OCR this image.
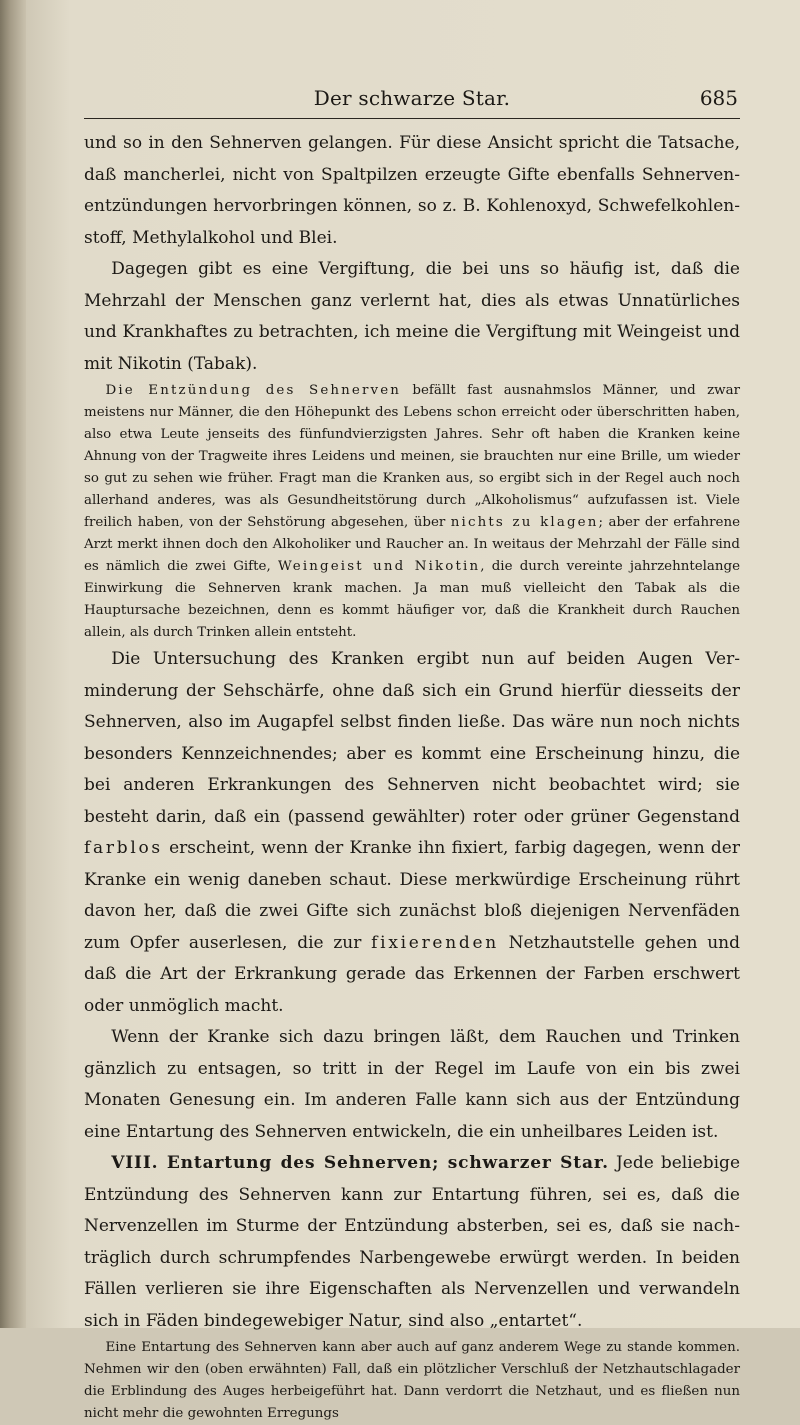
Der schwarze Star.	685

und so in den Sehnerven gelangen. Für diese Ansicht spricht die Tatsache, daß mancherlei, nicht von Spaltpilzen erzeugte Gifte ebenfalls Sehnervenentzündungen hervorbringen können, so z. B. Kohlenoxyd, Schwefelkohlenstoff, Methylalkohol und Blei.

Dagegen gibt es eine Vergiftung, die bei uns so häufig ist, daß die Mehrzahl der Menschen ganz verlernt hat, dies als etwas Unnatürliches und Krankhaftes zu betrachten, ich meine die Vergiftung mit Weingeist und mit Nikotin (Tabak).

Die Entzündung des Sehnerven befällt fast ausnahmslos Männer, und zwar meistens nur Männer, die den Höhepunkt des Lebens schon erreicht oder überschritten haben, also etwa Leute jenseits des fünfundvierzigsten Jahres. Sehr oft haben die Kranken keine Ahnung von der Tragweite ihres Leidens und meinen, sie brauchten nur eine Brille, um wieder so gut zu sehen wie früher. Fragt man die Kranken aus, so ergibt sich in der Regel auch noch allerhand anderes, was als Gesundheitstörung durch „Alkoholismus“ aufzufassen ist. Viele freilich haben, von der Sehstörung abgesehen, über nichts zu klagen; aber der erfahrene Arzt merkt ihnen doch den Alkoholiker und Raucher an. In weitaus der Mehrzahl der Fälle sind es nämlich die zwei Gifte, Weingeist und Nikotin, die durch vereinte jahrzehntelange Einwirkung die Sehnerven krank machen. Ja man muß vielleicht den Tabak als die Hauptursache bezeichnen, denn es kommt häufiger vor, daß die Krankheit durch Rauchen allein, als durch Trinken allein entsteht.

Die Untersuchung des Kranken ergibt nun auf beiden Augen Verminderung der Sehschärfe, ohne daß sich ein Grund hierfür diesseits der Sehnerven, also im Augapfel selbst finden ließe. Das wäre nun noch nichts besonders Kennzeichnendes; aber es kommt eine Erscheinung hinzu, die bei anderen Erkrankungen des Sehnerven nicht beobachtet wird; sie besteht darin, daß ein (passend gewählter) roter oder grüner Gegenstand farblos erscheint, wenn der Kranke ihn fixiert, farbig dagegen, wenn der Kranke ein wenig daneben schaut. Diese merkwürdige Erscheinung rührt davon her, daß die zwei Gifte sich zunächst bloß diejenigen Nervenfäden zum Opfer auserlesen, die zur fixierenden Netzhautstelle gehen und daß die Art der Erkrankung gerade das Erkennen der Farben erschwert oder unmöglich macht.

Wenn der Kranke sich dazu bringen läßt, dem Rauchen und Trinken gänzlich zu entsagen, so tritt in der Regel im Laufe von ein bis zwei Monaten Genesung ein. Im anderen Falle kann sich aus der Entzündung eine Entartung des Sehnerven entwickeln, die ein unheilbares Leiden ist.

VIII. Entartung des Sehnerven; schwarzer Star. Jede beliebige Entzündung des Sehnerven kann zur Entartung führen, sei es, daß die Nervenzellen im Sturme der Entzündung absterben, sei es, daß sie nachträglich durch schrumpfendes Narbengewebe erwürgt werden. In beiden Fällen verlieren sie ihre Eigenschaften als Nervenzellen und verwandeln sich in Fäden bindegewebiger Natur, sind also „entartet“.

Eine Entartung des Sehnerven kann aber auch auf ganz anderem Wege zu stande kommen. Nehmen wir den (oben erwähnten) Fall, daß ein plötzlicher Verschluß der Netzhautschlagader die Erblindung des Auges herbeigeführt hat. Dann verdorrt die Netzhaut, und es fließen nun nicht mehr die gewohnten Erregungs
